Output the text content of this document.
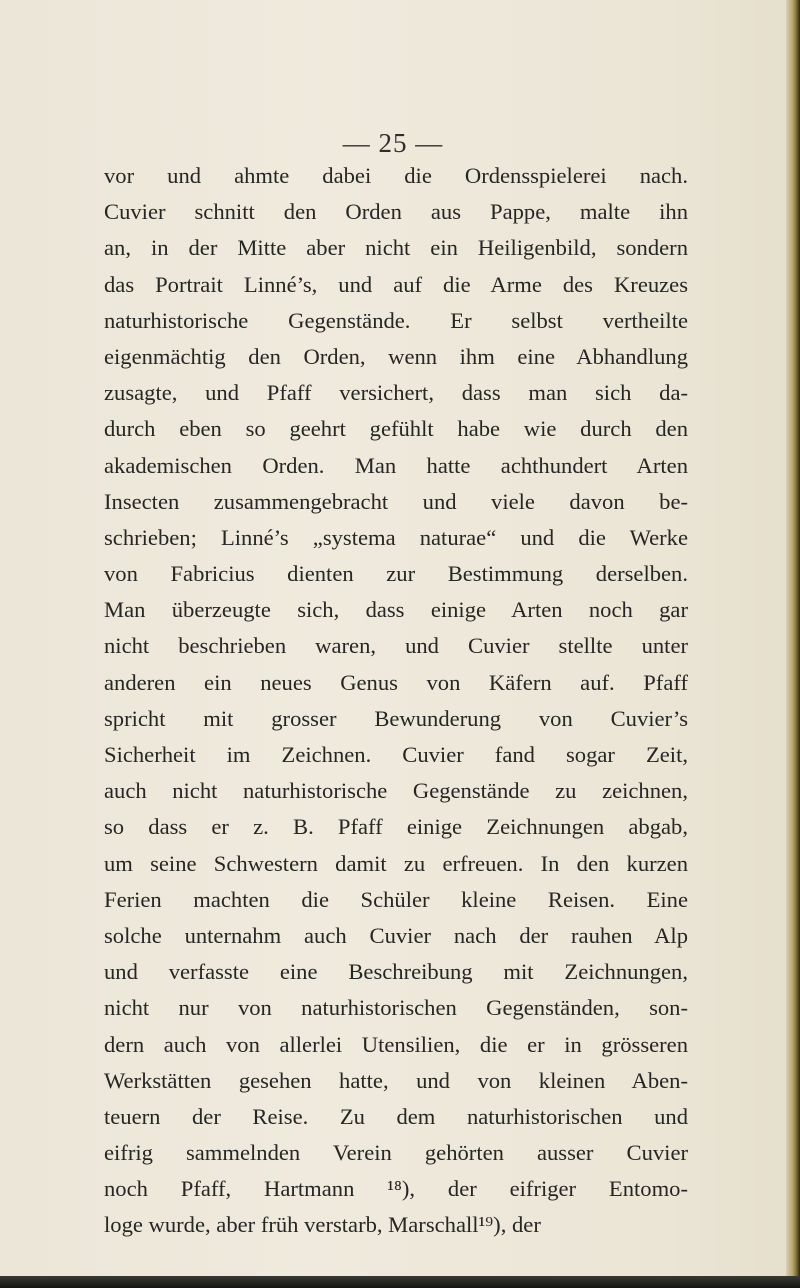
— 25 —
vor und ahmte dabei die Ordensspielerei nach.
Cuvier schnitt den Orden aus Pappe, malte ihn
an, in der Mitte aber nicht ein Heiligenbild, sondern
das Portrait Linné’s, und auf die Arme des Kreuzes
naturhistorische Gegenstände. Er selbst vertheilte
eigenmächtig den Orden, wenn ihm eine Abhandlung
zusagte, und Pfaff versichert, dass man sich da-
durch eben so geehrt gefühlt habe wie durch den
akademischen Orden. Man hatte achthundert Arten
Insecten zusammengebracht und viele davon be-
schrieben; Linné’s „systema naturae“ und die Werke
von Fabricius dienten zur Bestimmung derselben.
Man überzeugte sich, dass einige Arten noch gar
nicht beschrieben waren, und Cuvier stellte unter
anderen ein neues Genus von Käfern auf. Pfaff
spricht mit grosser Bewunderung von Cuvier’s
Sicherheit im Zeichnen. Cuvier fand sogar Zeit,
auch nicht naturhistorische Gegenstände zu zeichnen,
so dass er z. B. Pfaff einige Zeichnungen abgab,
um seine Schwestern damit zu erfreuen. In den kurzen
Ferien machten die Schüler kleine Reisen. Eine
solche unternahm auch Cuvier nach der rauhen Alp
und verfasste eine Beschreibung mit Zeichnungen,
nicht nur von naturhistorischen Gegenständen, son-
dern auch von allerlei Utensilien, die er in grösseren
Werkstätten gesehen hatte, und von kleinen Aben-
teuern der Reise. Zu dem naturhistorischen und
eifrig sammelnden Verein gehörten ausser Cuvier
noch Pfaff, Hartmann ¹⁸), der eifriger Entomo-
loge wurde, aber früh verstarb, Marschall¹⁹), der
